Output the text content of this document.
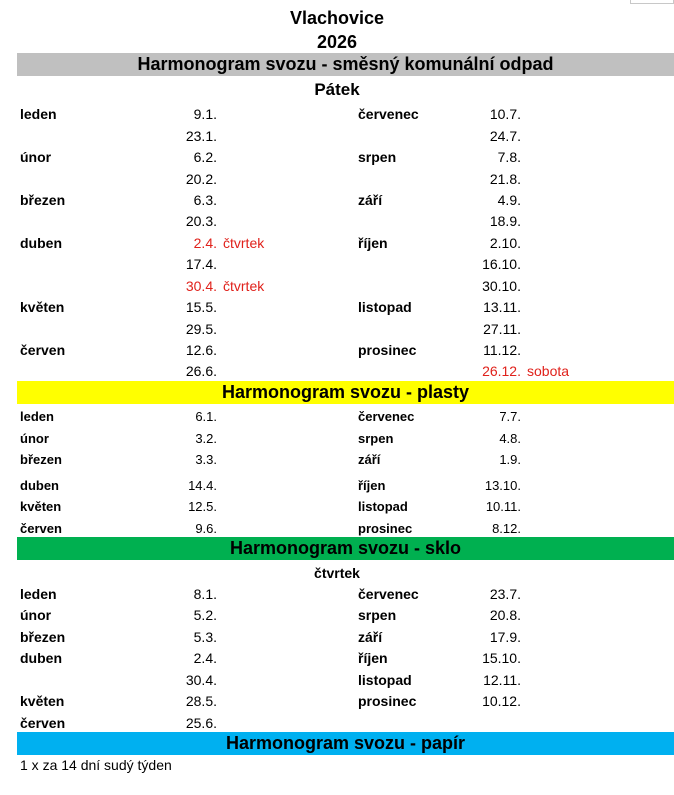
Vlachovice
2026
Harmonogram svozu - směsný komunální odpad
Pátek
leden	9.1.
23.1.
únor	6.2.
20.2.
březen	6.3.
20.3.
duben	2.4. čtvrtek
17.4.
30.4. čtvrtek
květen	15.5.
29.5.
červen	12.6.
26.6.
červenec	10.7.
24.7.
srpen	7.8.
21.8.
září	4.9.
18.9.
říjen	2.10.
16.10.
30.10.
listopad	13.11.
27.11.
prosinec	11.12.
26.12. sobota
Harmonogram svozu - plasty
leden	6.1.
únor	3.2.
březen	3.3.
duben	14.4.
květen	12.5.
červen	9.6.
červenec	7.7.
srpen	4.8.
září	1.9.
říjen	13.10.
listopad	10.11.
prosinec	8.12.
Harmonogram svozu - sklo
čtvrtek
leden	8.1.
únor	5.2.
březen	5.3.
duben	2.4.
30.4.
květen	28.5.
červen	25.6.
červenec	23.7.
srpen	20.8.
září	17.9.
říjen	15.10.
listopad	12.11.
prosinec	10.12.
Harmonogram svozu - papír
1 x za 14 dní sudý týden
